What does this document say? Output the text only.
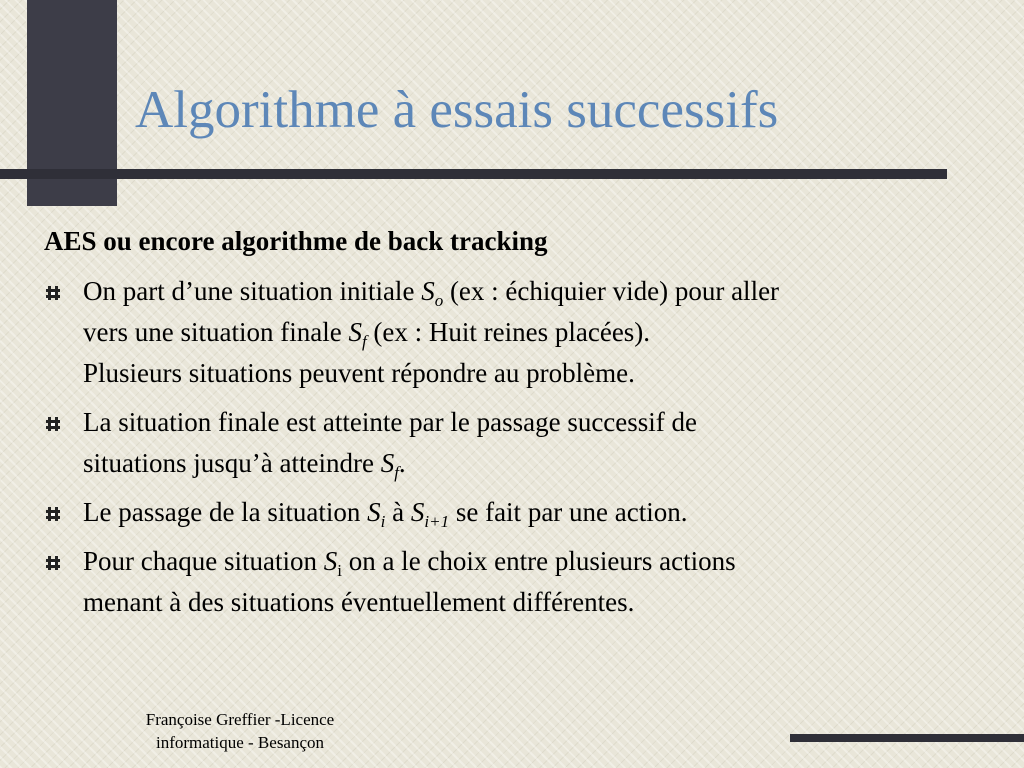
Algorithme à essais successifs
AES ou encore algorithme de back tracking
On part d’une situation initiale $S_o$ (ex : échiquier vide) pour aller
vers une situation finale $S_f$ (ex : Huit reines placées).
Plusieurs situations peuvent répondre au problème.
La situation finale est atteinte par le passage successif de
situations jusqu’à atteindre $S_f$.
Le passage de la situation $S_i$ à $S_{i+1}$ se fait par une action.
Pour chaque situation $S_i$ on a le choix entre plusieurs actions
menant à des situations éventuellement différentes.
Françoise Greffier -Licence
informatique - Besançon
